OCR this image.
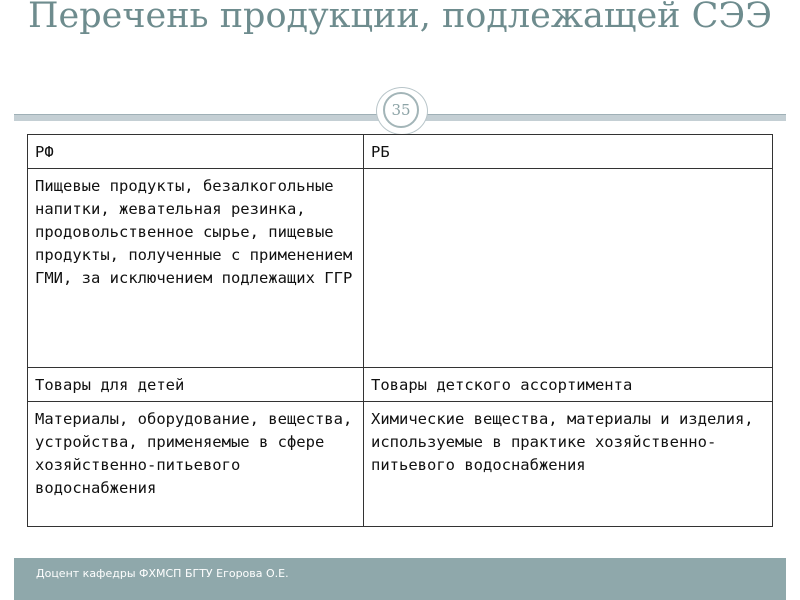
Перечень продукции, подлежащей СЭЭ
35
РФ	РБ
Пищевые продукты, безалкогольные напитки, жевательная резинка, продовольственное сырье, пищевые продукты, полученные с применением ГМИ, за исключением подлежащих ГГР	
Товары для детей	Товары детского ассортимента
Материалы, оборудование, вещества, устройства, применяемые в сфере хозяйственно-питьевого водоснабжения	Химические вещества, материалы и изделия, используемые в практике хозяйственно-питьевого водоснабжения
Доцент кафедры ФХМСП БГТУ Егорова О.Е.
